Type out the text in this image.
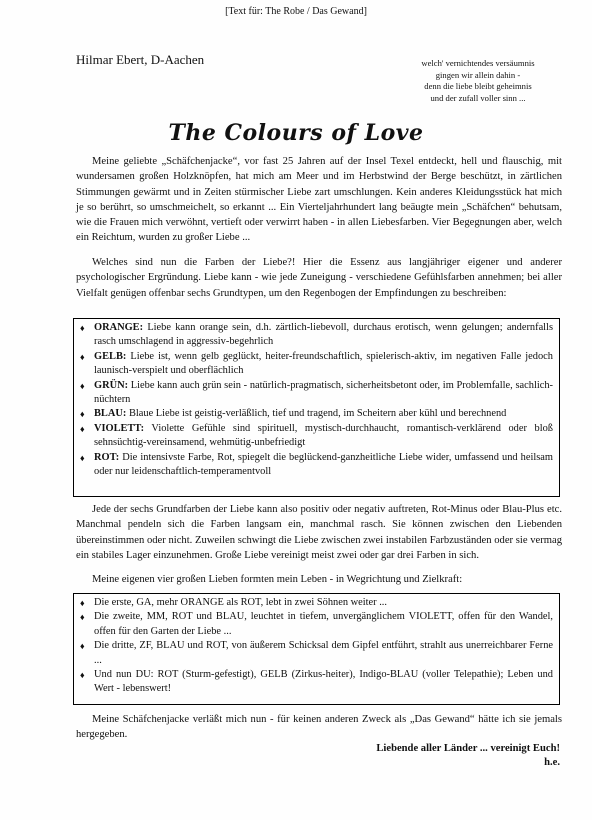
[Text für: The Robe / Das Gewand]
Hilmar Ebert, D-Aachen	welch' vernichtendes versäumnis
gingen wir allein dahin -
denn die liebe bleibt geheimnis
und der zufall voller sinn ...
The Colours of Love
Meine geliebte „Schäfchenjacke“, vor fast 25 Jahren auf der Insel Texel entdeckt, hell und flauschig, mit wundersamen großen Holzknöpfen, hat mich am Meer und im Herbstwind der Berge beschützt, in zärtlichen Stimmungen gewärmt und in Zeiten stürmischer Liebe zart umschlungen. Kein anderes Kleidungsstück hat mich je so berührt, so umschmeichelt, so erkannt ... Ein Vierteljahrhundert lang beäugte mein „Schäfchen“ behutsam, wie die Frauen mich verwöhnt, vertieft oder verwirrt haben - in allen Liebesfarben. Vier Begegnungen aber, welch ein Reichtum, wurden zu großer Liebe ...
Welches sind nun die Farben der Liebe?! Hier die Essenz aus langjähriger eigener und anderer psychologischer Ergründung. Liebe kann - wie jede Zuneigung - verschiedene Gefühlsfarben annehmen; bei aller Vielfalt genügen offenbar sechs Grundtypen, um den Regenbogen der Empfindungen zu beschreiben:
♦ ORANGE: Liebe kann orange sein, d.h. zärtlich-liebevoll, durchaus erotisch, wenn gelungen; andernfalls rasch umschlagend in aggressiv-begehrlich
♦ GELB: Liebe ist, wenn gelb geglückt, heiter-freundschaftlich, spielerisch-aktiv, im negativen Falle jedoch launisch-verspielt und oberflächlich
♦ GRÜN: Liebe kann auch grün sein - natürlich-pragmatisch, sicherheitsbetont oder, im Problemfalle, sachlich-nüchtern
♦ BLAU: Blaue Liebe ist geistig-verläßlich, tief und tragend, im Scheitern aber kühl und berechnend
♦ VIOLETT: Violette Gefühle sind spirituell, mystisch-durchhaucht, romantisch-verklärend oder bloß sehnsüchtig-vereinsamend, wehmütig-unbefriedigt
♦ ROT: Die intensivste Farbe, Rot, spiegelt die beglückend-ganzheitliche Liebe wider, umfassend und heilsam oder nur leidenschaftlich-temperamentvoll
Jede der sechs Grundfarben der Liebe kann also positiv oder negativ auftreten, Rot-Minus oder Blau-Plus etc. Manchmal pendeln sich die Farben langsam ein, manchmal rasch. Sie können zwischen den Liebenden übereinstimmen oder nicht. Zuweilen schwingt die Liebe zwischen zwei instabilen Farbzuständen oder sie vermag ein stabiles Lager einzunehmen. Große Liebe vereinigt meist zwei oder gar drei Farben in sich.
Meine eigenen vier großen Lieben formten mein Leben - in Wegrichtung und Zielkraft:
♦ Die erste, GA, mehr ORANGE als ROT, lebt in zwei Söhnen weiter ...
♦ Die zweite, MM, ROT und BLAU, leuchtet in tiefem, unvergänglichem VIOLETT, offen für den Wandel, offen für den Garten der Liebe ...
♦ Die dritte, ZF, BLAU und ROT, von äußerem Schicksal dem Gipfel entführt, strahlt aus unerreichbarer Ferne ...
♦ Und nun DU: ROT (Sturm-gefestigt), GELB (Zirkus-heiter), Indigo-BLAU (voller Telepathie); Leben und Wert - lebenswert!
Meine Schäfchenjacke verläßt mich nun - für keinen anderen Zweck als „Das Gewand“ hätte ich sie jemals hergegeben.
Liebende aller Länder ... vereinigt Euch!
h.e.
